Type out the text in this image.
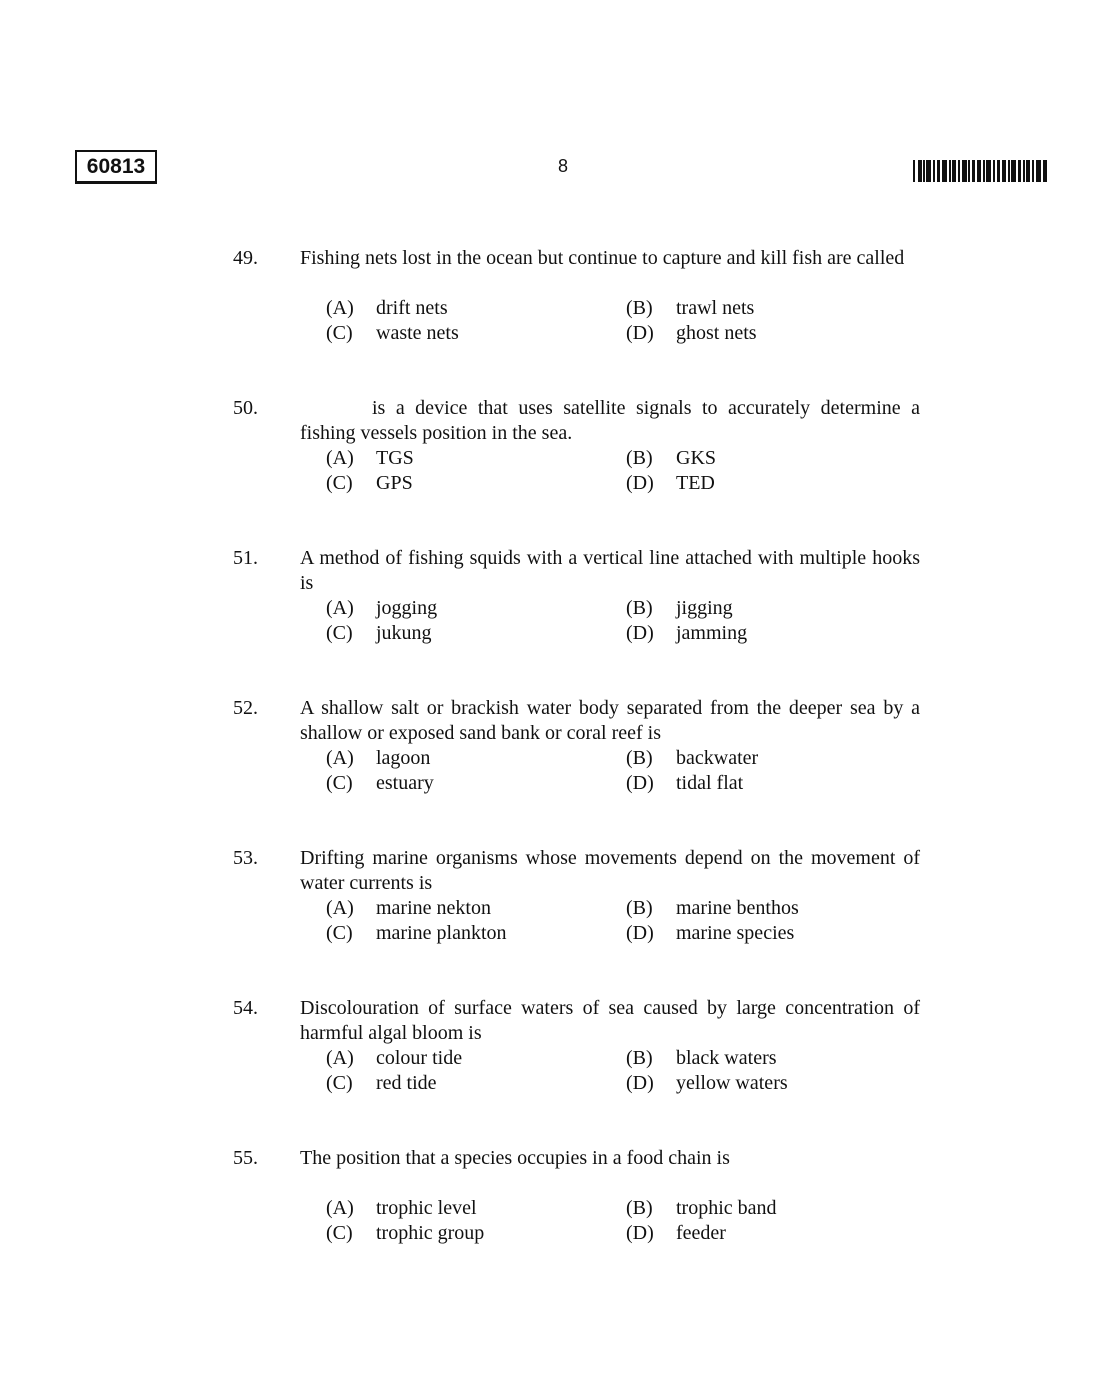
60813	8
49. Fishing nets lost in the ocean but continue to capture and kill fish are called
(A) drift nets	(B) trawl nets
(C) waste nets	(D) ghost nets
50.	is a device that uses satellite signals to accurately determine a fishing vessels position in the sea.
(A) TGS	(B) GKS
(C) GPS	(D) TED
51. A method of fishing squids with a vertical line attached with multiple hooks is
(A) jogging	(B) jigging
(C) jukung	(D) jamming
52. A shallow salt or brackish water body separated from the deeper sea by a shallow or exposed sand bank or coral reef is
(A) lagoon	(B) backwater
(C) estuary	(D) tidal flat
53. Drifting marine organisms whose movements depend on the movement of water currents is
(A) marine nekton	(B) marine benthos
(C) marine plankton	(D) marine species
54. Discolouration of surface waters of sea caused by large concentration of harmful algal bloom is
(A) colour tide	(B) black waters
(C) red tide	(D) yellow waters
55. The position that a species occupies in a food chain is
(A) trophic level	(B) trophic band
(C) trophic group	(D) feeder
